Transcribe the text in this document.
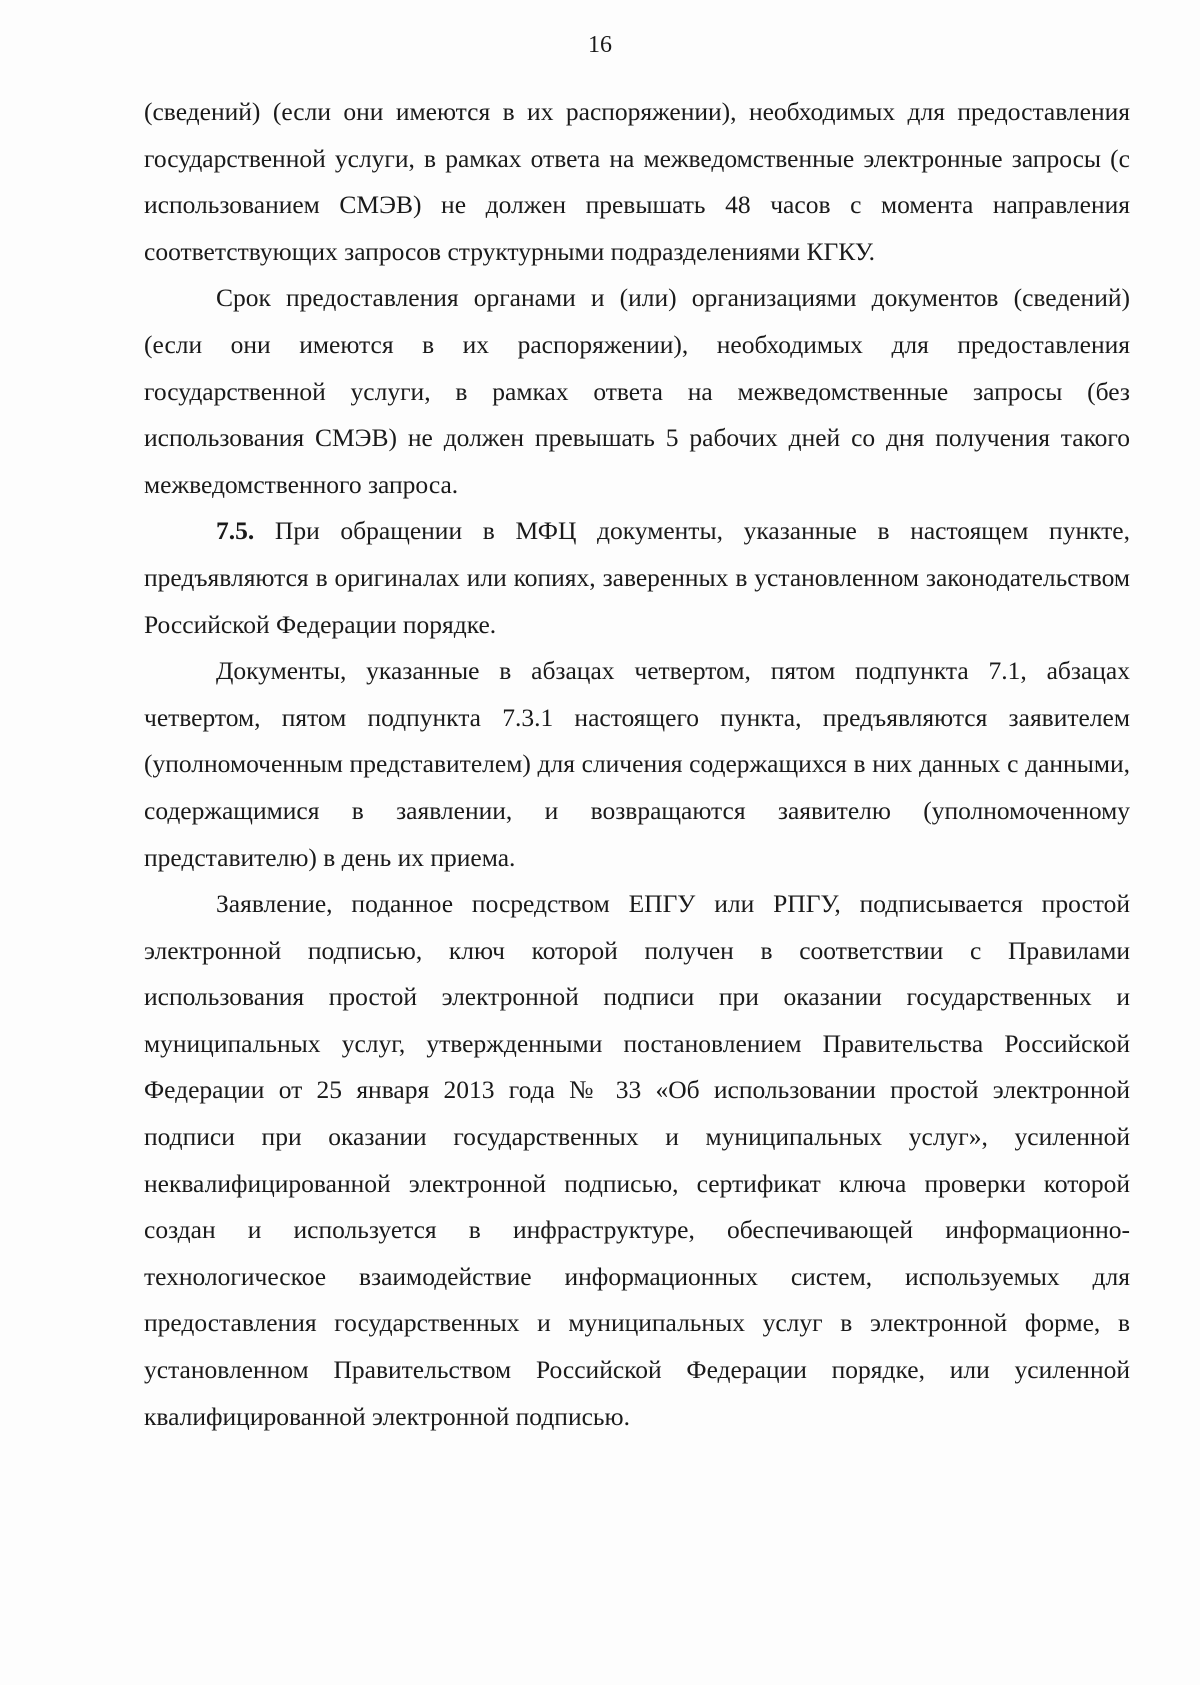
16

(сведений) (если они имеются в их распоряжении), необходимых для предоставления государственной услуги, в рамках ответа на межведомственные электронные запросы (с использованием СМЭВ) не должен превышать 48 часов с момента направления соответствующих запросов структурными подразделениями КГКУ.

Срок предоставления органами и (или) организациями документов (сведений) (если они имеются в их распоряжении), необходимых для предоставления государственной услуги, в рамках ответа на межведомственные запросы (без использования СМЭВ) не должен превышать 5 рабочих дней со дня получения такого межведомственного запроса.

7.5. При обращении в МФЦ документы, указанные в настоящем пункте, предъявляются в оригиналах или копиях, заверенных в установленном законодательством Российской Федерации порядке.

Документы, указанные в абзацах четвертом, пятом подпункта 7.1, абзацах четвертом, пятом подпункта 7.3.1 настоящего пункта, предъявляются заявителем (уполномоченным представителем) для сличения содержащихся в них данных с данными, содержащимися в заявлении, и возвращаются заявителю (уполномоченному представителю) в день их приема.

Заявление, поданное посредством ЕПГУ или РПГУ, подписывается простой электронной подписью, ключ которой получен в соответствии с Правилами использования простой электронной подписи при оказании государственных и муниципальных услуг, утвержденными постановлением Правительства Российской Федерации от 25 января 2013 года № 33 «Об использовании простой электронной подписи при оказании государственных и муниципальных услуг», усиленной неквалифицированной электронной подписью, сертификат ключа проверки которой создан и используется в инфраструктуре, обеспечивающей информационно-технологическое взаимодействие информационных систем, используемых для предоставления государственных и муниципальных услуг в электронной форме, в установленном Правительством Российской Федерации порядке, или усиленной квалифицированной электронной подписью.
